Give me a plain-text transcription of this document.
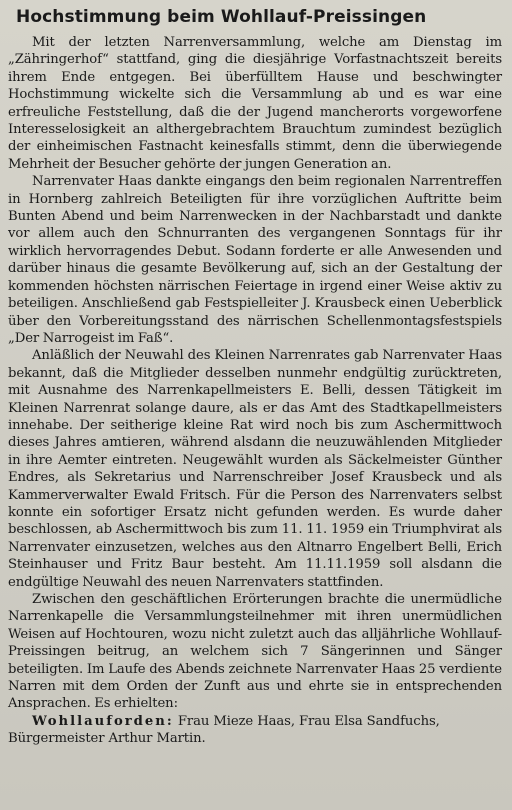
Hochstimmung beim Wohllauf-Preissingen

Mit der letzten Narrenversammlung, welche am Dienstag im „Zähringerhof“ stattfand, ging die diesjährige Vorfastnachtszeit bereits ihrem Ende entgegen. Bei überfülltem Hause und beschwingter Hochstimmung wickelte sich die Versammlung ab und es war eine erfreuliche Feststellung, daß die der Jugend mancherorts vorgeworfene Interesselosigkeit an althergebrachtem Brauchtum zumindest bezüglich der einheimischen Fastnacht keinesfalls stimmt, denn die überwiegende Mehrheit der Besucher gehörte der jungen Generation an.

Narrenvater Haas dankte eingangs den beim regionalen Narrentreffen in Hornberg zahlreich Beteiligten für ihre vorzüglichen Auftritte beim Bunten Abend und beim Narrenwecken in der Nachbarstadt und dankte vor allem auch den Schnurranten des vergangenen Sonntags für ihr wirklich hervorragendes Debut. Sodann forderte er alle Anwesenden und darüber hinaus die gesamte Bevölkerung auf, sich an der Gestaltung der kommenden höchsten närrischen Feiertage in irgend einer Weise aktiv zu beteiligen. Anschließend gab Festspielleiter J. Krausbeck einen Ueberblick über den Vorbereitungsstand des närrischen Schellenmontagsfestspiels „Der Narrogeist im Faß“.

Anläßlich der Neuwahl des Kleinen Narrenrates gab Narrenvater Haas bekannt, daß die Mitglieder desselben nunmehr endgültig zurücktreten, mit Ausnahme des Narrenkapellmeisters E. Belli, dessen Tätigkeit im Kleinen Narrenrat solange daure, als er das Amt des Stadtkapellmeisters innehabe. Der seitherige kleine Rat wird noch bis zum Aschermittwoch dieses Jahres amtieren, während alsdann die neuzuwählenden Mitglieder in ihre Aemter eintreten. Neugewählt wurden als Säckelmeister Günther Endres, als Sekretarius und Narrenschreiber Josef Krausbeck und als Kammerverwalter Ewald Fritsch. Für die Person des Narrenvaters selbst konnte ein sofortiger Ersatz nicht gefunden werden. Es wurde daher beschlossen, ab Aschermittwoch bis zum 11. 11. 1959 ein Triumphvirat als Narrenvater einzusetzen, welches aus den Altnarro Engelbert Belli, Erich Steinhauser und Fritz Baur besteht. Am 11.11.1959 soll alsdann die endgültige Neuwahl des neuen Narrenvaters stattfinden.

Zwischen den geschäftlichen Erörterungen brachte die unermüdliche Narrenkapelle die Versammlungsteilnehmer mit ihren unermüdlichen Weisen auf Hochtouren, wozu nicht zuletzt auch das alljährliche Wohllauf-Preissingen beitrug, an welchem sich 7 Sängerinnen und Sänger beteiligten. Im Laufe des Abends zeichnete Narrenvater Haas 25 verdiente Narren mit dem Orden der Zunft aus und ehrte sie in entsprechenden Ansprachen. Es erhielten:

Wohllauforden: Frau Mieze Haas, Frau Elsa Sandfuchs,

Bürgermeister Arthur Martin.
